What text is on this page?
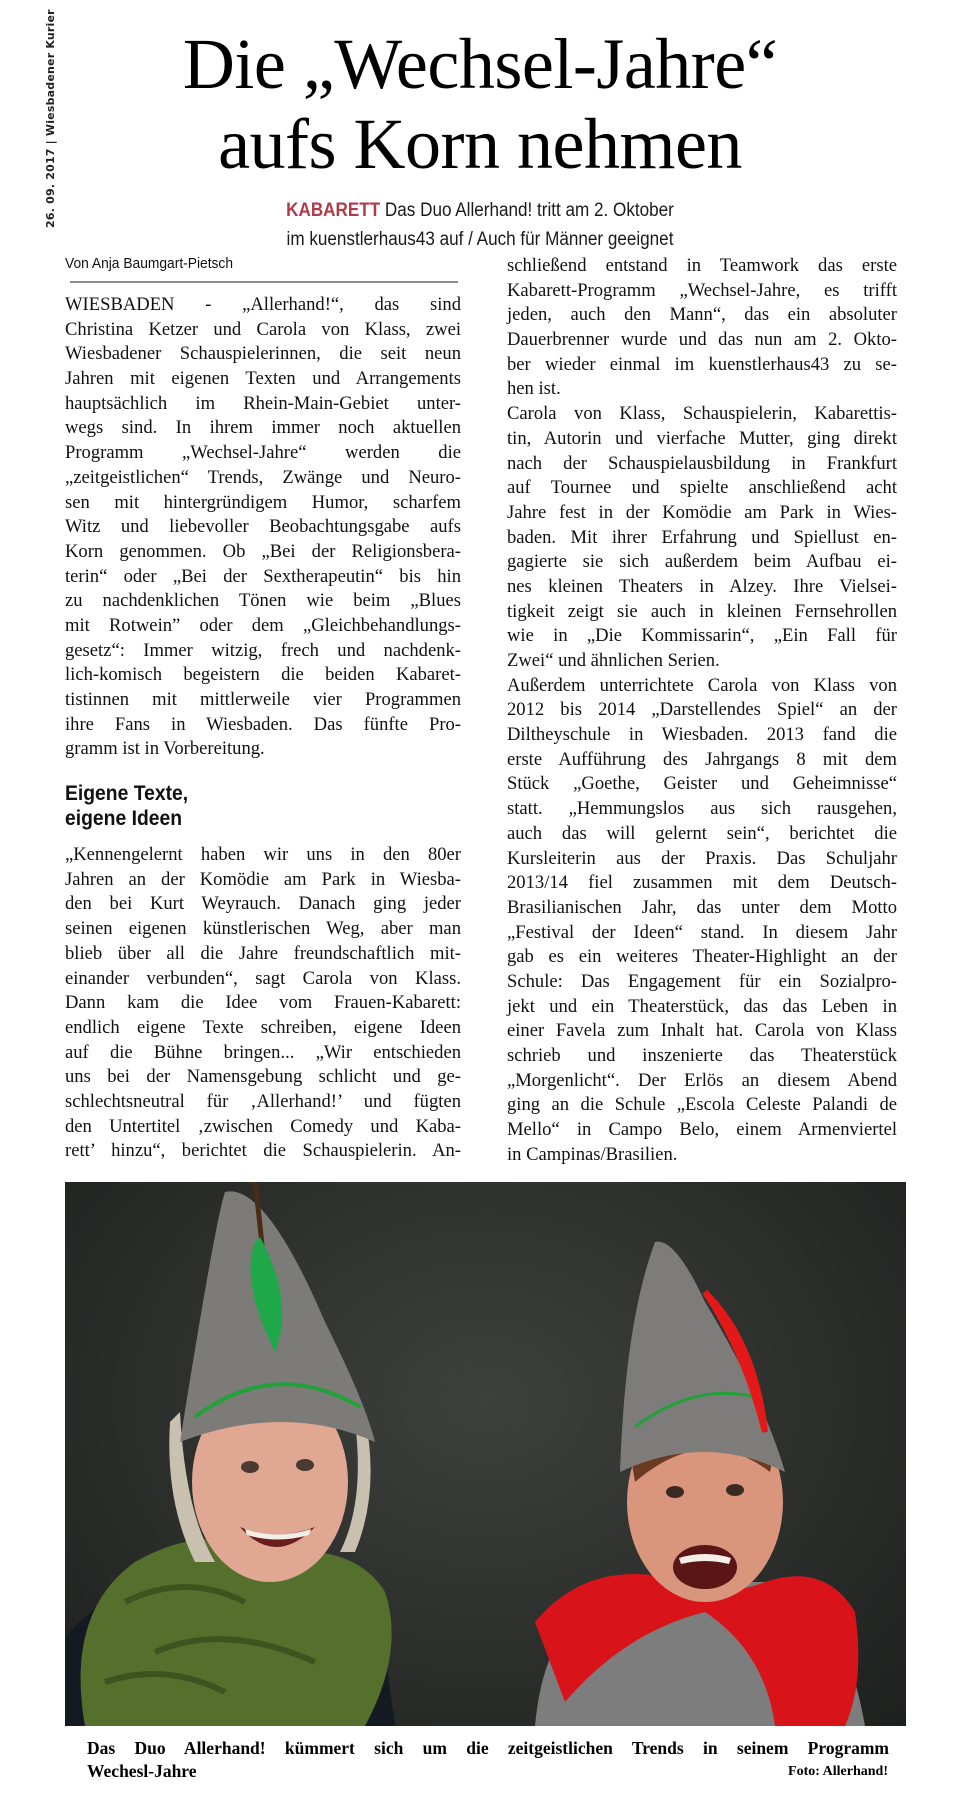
26. 09. 2017|Wiesbadener Kurier	Die „Wechsel-Jahre“
aufs Korn nehmen
KABARETT Das Duo Allerhand! tritt am 2. Oktober
im kuenstlerhaus43 auf / Auch für Männer geeignet
Von Anja Baumgart-Pietsch
WIESBADEN - „Allerhand!“, das sind
Christina Ketzer und Carola von Klass, zwei
Wiesbadener Schauspielerinnen, die seit neun
Jahren mit eigenen Texten und Arrangements
hauptsächlich im Rhein-Main-Gebiet unter-
wegs sind. In ihrem immer noch aktuellen
Programm „Wechsel-Jahre“ werden die
„zeitgeistlichen“ Trends, Zwänge und Neuro-
sen mit hintergründigem Humor, scharfem
Witz und liebevoller Beobachtungsgabe aufs
Korn genommen. Ob „Bei der Religionsbera-
terin“ oder „Bei der Sextherapeutin“ bis hin
zu nachdenklichen Tönen wie beim „Blues
mit Rotwein” oder dem „Gleichbehandlungs-
gesetz“: Immer witzig, frech und nachdenk-
lich-komisch begeistern die beiden Kabaret-
tistinnen mit mittlerweile vier Programmen
ihre Fans in Wiesbaden. Das fünfte Pro-
gramm ist in Vorbereitung.
Eigene Texte,
eigene Ideen
„Kennengelernt haben wir uns in den 80er
Jahren an der Komödie am Park in Wiesba-
den bei Kurt Weyrauch. Danach ging jeder
seinen eigenen künstlerischen Weg, aber man
blieb über all die Jahre freundschaftlich mit-
einander verbunden“, sagt Carola von Klass.
Dann kam die Idee vom Frauen-Kabarett:
endlich eigene Texte schreiben, eigene Ideen
auf die Bühne bringen... „Wir entschieden
uns bei der Namensgebung schlicht und ge-
schlechtsneutral für ‚Allerhand!’ und fügten
den Untertitel ‚zwischen Comedy und Kaba-
rett’ hinzu“, berichtet die Schauspielerin. An-
schließend entstand in Teamwork das erste
Kabarett-Programm „Wechsel-Jahre, es trifft
jeden, auch den Mann“, das ein absoluter
Dauerbrenner wurde und das nun am 2. Okto-
ber wieder einmal im kuenstlerhaus43 zu se-
hen ist.
Carola von Klass, Schauspielerin, Kabarettis-
tin, Autorin und vierfache Mutter, ging direkt
nach der Schauspielausbildung in Frankfurt
auf Tournee und spielte anschließend acht
Jahre fest in der Komödie am Park in Wies-
baden. Mit ihrer Erfahrung und Spiellust en-
gagierte sie sich außerdem beim Aufbau ei-
nes kleinen Theaters in Alzey. Ihre Vielsei-
tigkeit zeigt sie auch in kleinen Fernsehrollen
wie in „Die Kommissarin“, „Ein Fall für
Zwei“ und ähnlichen Serien.
Außerdem unterrichtete Carola von Klass von
2012 bis 2014 „Darstellendes Spiel“ an der
Diltheyschule in Wiesbaden. 2013 fand die
erste Aufführung des Jahrgangs 8 mit dem
Stück „Goethe, Geister und Geheimnisse“
statt. „Hemmungslos aus sich rausgehen,
auch das will gelernt sein“, berichtet die
Kursleiterin aus der Praxis. Das Schuljahr
2013/14 fiel zusammen mit dem Deutsch-
Brasilianischen Jahr, das unter dem Motto
„Festival der Ideen“ stand. In diesem Jahr
gab es ein weiteres Theater-Highlight an der
Schule: Das Engagement für ein Sozialpro-
jekt und ein Theaterstück, das das Leben in
einer Favela zum Inhalt hat. Carola von Klass
schrieb und inszenierte das Theaterstück
„Morgenlicht“. Der Erlös an diesem Abend
ging an die Schule „Escola Celeste Palandi de
Mello“ in Campo Belo, einem Armenviertel
in Campinas/Brasilien.
Das Duo Allerhand! kümmert sich um die zeitgeistlichen Trends in seinem Programm
Wechesl-Jahre	Foto: Allerhand!
